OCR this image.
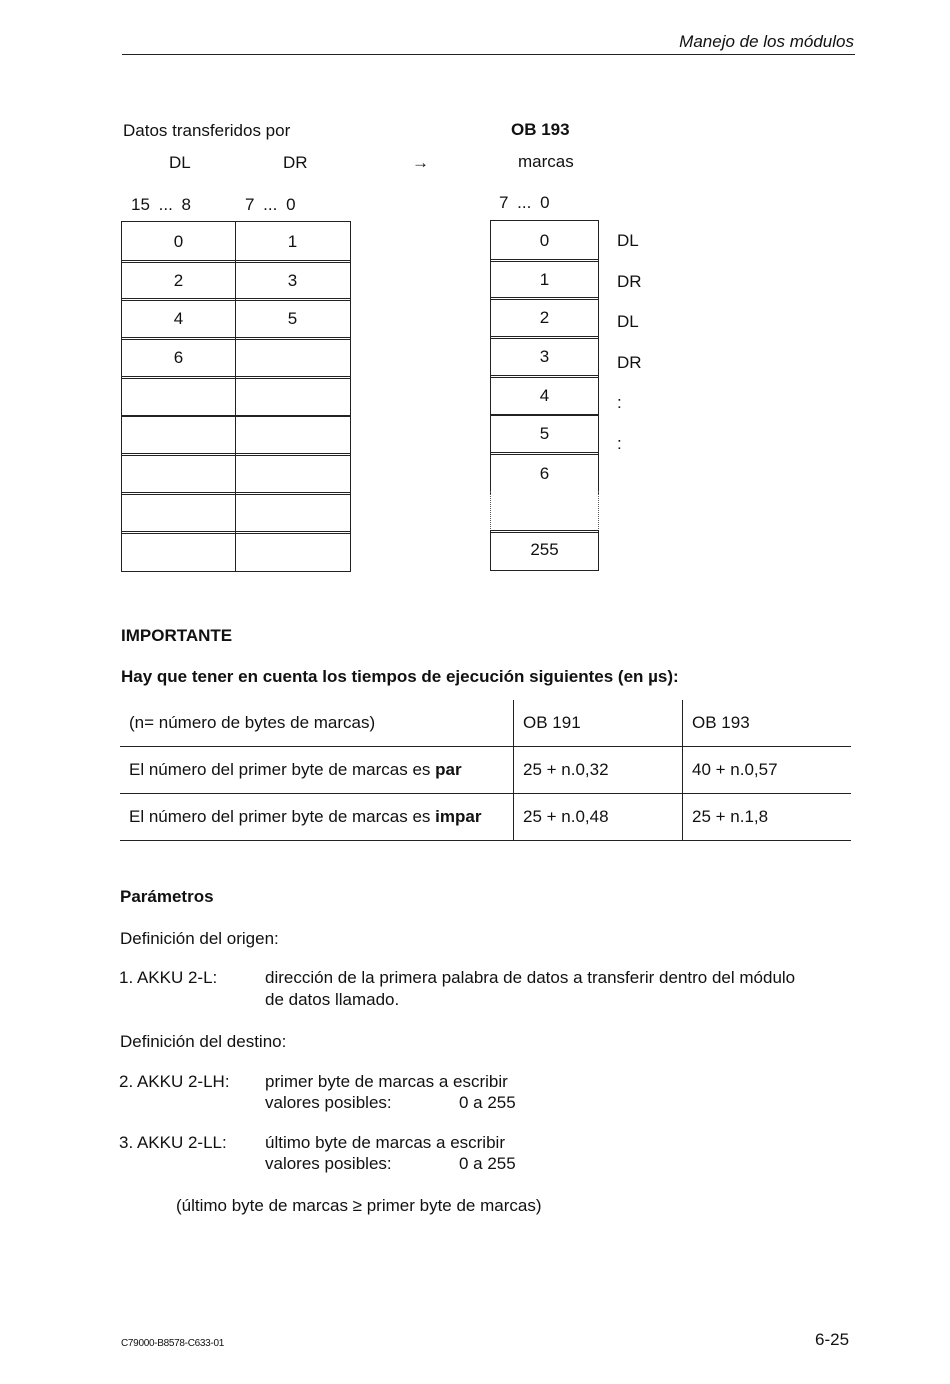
Manejo de los módulos
Datos transferidos por
DL	DR	→
OB 193
marcas
15 ... 8	7 ... 0	7 ... 0
0	1
2	3
4	5
6
0
1
2
3
4
5
6
255
DL
DR
DL
DR
:
:
IMPORTANTE
Hay que tener en cuenta los tiempos de ejecución siguientes (en µs):
(n= número de bytes de marcas)	OB 191	OB 193
El número del primer byte de marcas es par	25 + n.0,32	40 + n.0,57
El número del primer byte de marcas es impar	25 + n.0,48	25 + n.1,8
Parámetros
Definición del origen:
1. AKKU 2-L:	dirección de la primera palabra de datos a transferir dentro del módulo
de datos llamado.
Definición del destino:
2. AKKU 2-LH: primer byte de marcas a escribir
valores posibles:	0 a 255
3. AKKU 2-LL: último byte de marcas a escribir
valores posibles:	0 a 255
(último byte de marcas ≥ primer byte de marcas)
C79000-B8578-C633-01	6-25
